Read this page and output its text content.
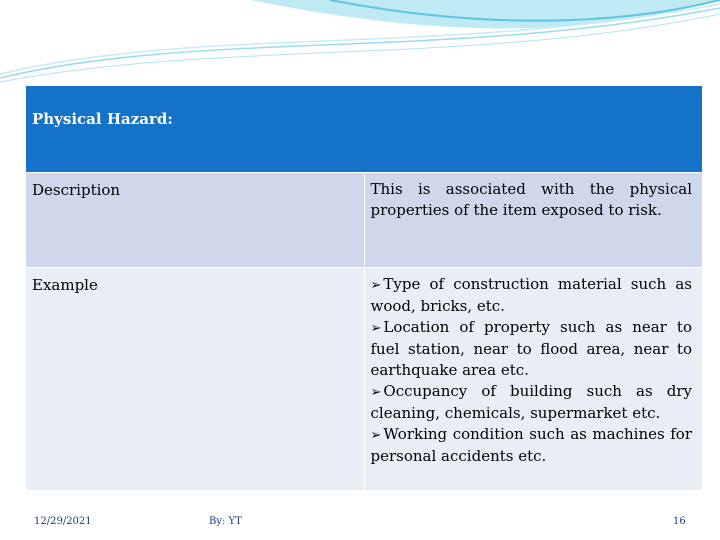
Physical Hazard:	
Description	This is associated with the physical properties of the item exposed to risk.
Example	➢ Type of construction material such as wood, bricks, etc.
➢ Location of property such as near to fuel station, near to flood area, near to earthquake area etc.
➢ Occupancy of building such as dry cleaning, chemicals, supermarket etc.
➢ Working condition such as machines for personal accidents etc.
12/29/2021	By: YT	16
